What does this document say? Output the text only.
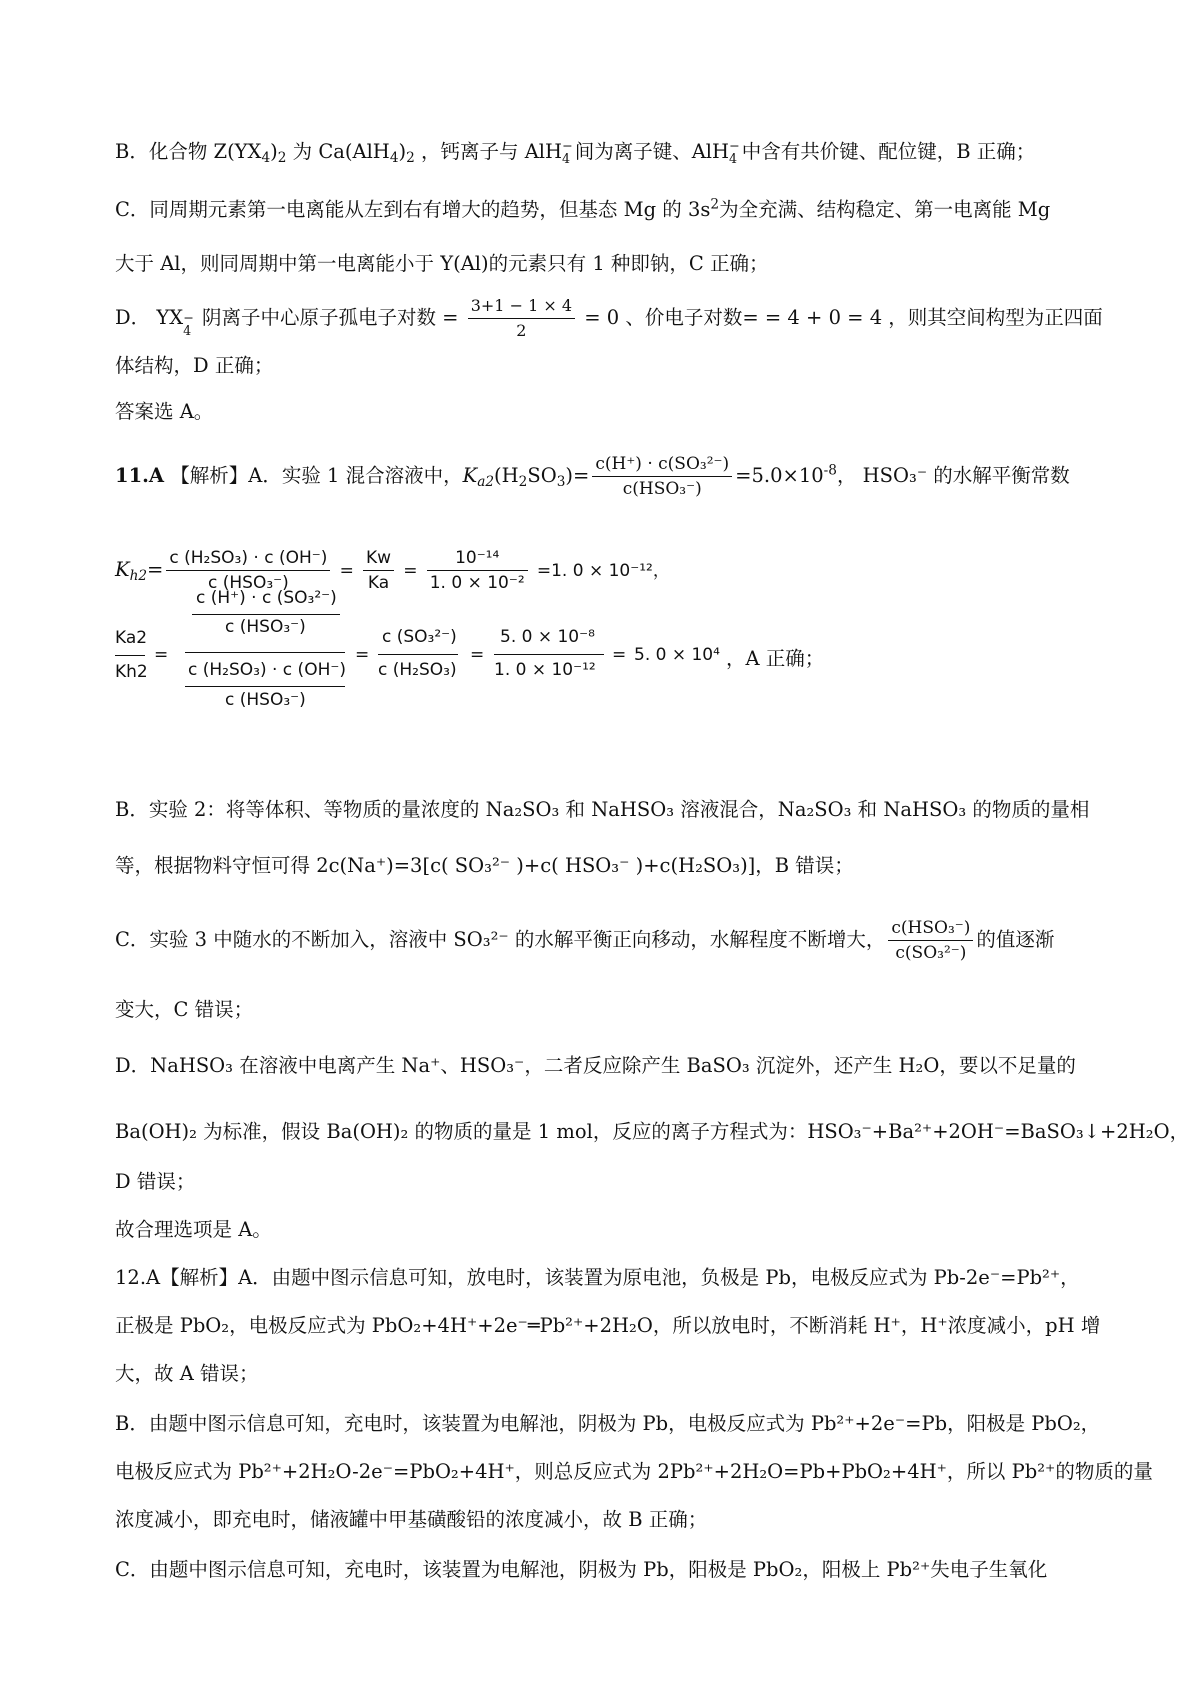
B．化合物 $Z(YX_4)_2$ 为 $Ca(AlH_4)_2$ ，钙离子与 AlH −
4 间为离子键、AlH −
4 中含有共价键、配位键，B 正确；
C．同周期元素第一电离能从左到右有增大的趋势，但基态 Mg 的 $3s^2$为全充满、结构稳定、第一电离能 Mg
大于 Al，则同周期中第一电离能小于 Y(Al)的元素只有 1 种即钠，C 正确；
D． YX −
4
阴离子中心原子孤电子对数 = $\frac{3+1 - 1 \times 4}{2} = 0$ 、价电子对数= = 4 + 0 = 4 ，则其空间构型为正四面
体结构，D 正确；
答案选 A。
11.A 【解析】A．实验 1 混合溶液中，$K_{a2}(H_2SO_3)= \frac{\text{c(H⁺) · c(SO₃²⁻)}}{\text{c(HSO₃⁻)}} =5.0\times 10^{-8}$， HSO₃⁻ 的水解平衡常数
$K_{h2}= \frac{\text{c (H₂SO₃) · c (OH⁻)}}{\text{c (HSO₃⁻)}} = \frac{Kw}{Ka} = \frac{\text{10⁻¹⁴}}{\text{1. 0 × 10⁻²}} =1$. 0 × 10⁻¹²，
Ka2
Kh2
=
c (H⁺) · c (SO₃²⁻)
c (HSO₃⁻)
c (H₂SO₃) · c (OH⁻)
c (HSO₃⁻)
=
c (SO₃²⁻)
c (H₂SO₃)
=
5. 0 × 10⁻⁸
1. 0 × 10⁻¹²
= 5. 0 × 10⁴ ，A 正确；
B．实验 2：将等体积、等物质的量浓度的 Na₂SO₃ 和 NaHSO₃ 溶液混合，Na₂SO₃ 和 NaHSO₃ 的物质的量相
等，根据物料守恒可得 2c(Na⁺)=3[c( SO₃²⁻ )+c( HSO₃⁻ )+c(H₂SO₃)]，B 错误；
C．实验 3 中随水的不断加入，溶液中 SO₃²⁻ 的水解平衡正向移动，水解程度不断增大， $\frac{\text{c(HSO₃⁻)}}{\text{c(SO₃²⁻)}}$ 的值逐渐
变大，C 错误；
D．NaHSO₃ 在溶液中电离产生 Na⁺、HSO₃⁻，二者反应除产生 BaSO₃ 沉淀外，还产生 H₂O，要以不足量的
Ba(OH)₂ 为标准，假设 Ba(OH)₂ 的物质的量是 1 mol，反应的离子方程式为：HSO₃⁻+Ba²⁺+2OH⁻=BaSO₃↓+2H₂O，
D 错误；
故合理选项是 A。
12.A【解析】A．由题中图示信息可知，放电时，该装置为原电池，负极是 Pb，电极反应式为 Pb-2e⁻=Pb²⁺，
正极是 PbO₂，电极反应式为 PbO₂+4H⁺+2e⁻═Pb²⁺+2H₂O，所以放电时，不断消耗 H⁺，H⁺浓度减小，pH 增
大，故 A 错误；
B．由题中图示信息可知，充电时，该装置为电解池，阴极为 Pb，电极反应式为 Pb²⁺+2e⁻=Pb，阳极是 PbO₂，
电极反应式为 Pb²⁺+2H₂O-2e⁻=PbO₂+4H⁺，则总反应式为 2Pb²⁺+2H₂O=Pb+PbO₂+4H⁺，所以 Pb²⁺的物质的量
浓度减小，即充电时，储液罐中甲基磺酸铅的浓度减小，故 B 正确；
C．由题中图示信息可知，充电时，该装置为电解池，阴极为 Pb，阳极是 PbO₂，阳极上 Pb²⁺失电子生氧化
